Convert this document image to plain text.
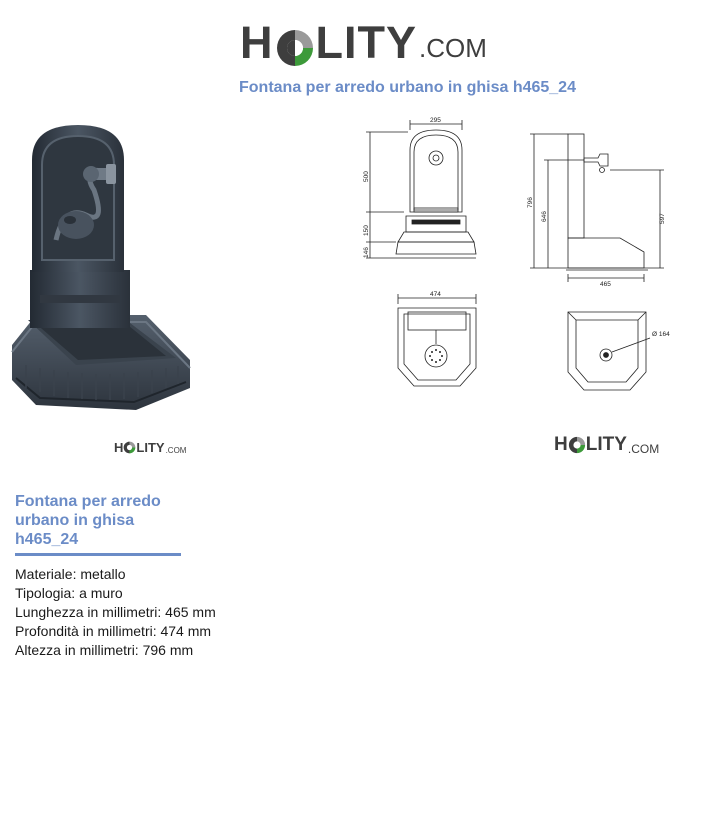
H LITY .COM
Fontana per arredo urbano in ghisa h465_24
295
500
150
146
796
646	597
465
474
Ø 164
H LITY .COM	H LITY .COM
Fontana per arredo
urbano in ghisa
h465_24
Materiale: metallo
Tipologia: a muro
Lunghezza in millimetri: 465 mm
Profondità in millimetri: 474 mm
Altezza in millimetri: 796 mm
